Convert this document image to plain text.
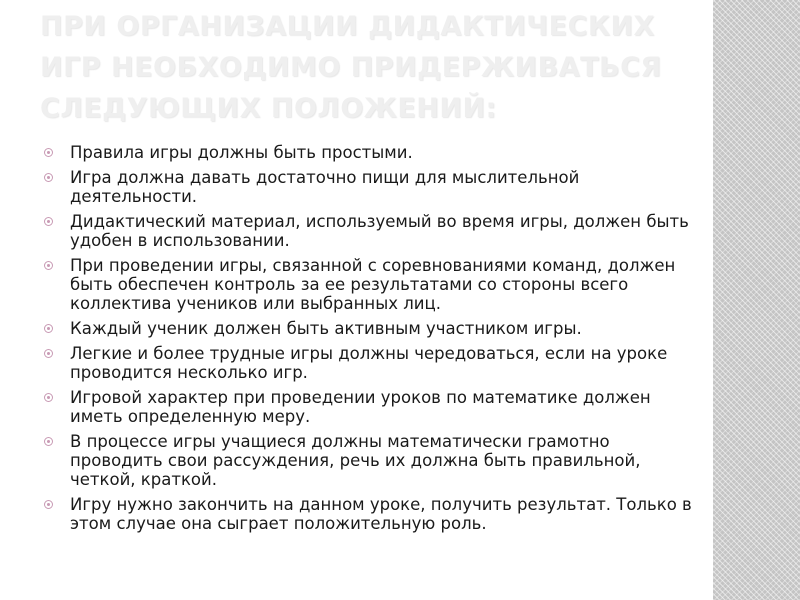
ПРИ ОРГАНИЗАЦИИ ДИДАКТИЧЕСКИХ ИГР НЕОБХОДИМО ПРИДЕРЖИВАТЬСЯ СЛЕДУЮЩИХ ПОЛОЖЕНИЙ:
Правила игры должны быть простыми.
Игра должна давать достаточно пищи для мыслительной деятельности.
Дидактический материал, используемый во время игры, должен быть удобен в использовании.
При проведении игры, связанной с соревнованиями команд, должен быть обеспечен контроль за ее результатами со стороны всего коллектива учеников или выбранных лиц.
Каждый ученик должен быть активным участником игры.
Легкие и более трудные игры должны чередоваться, если на уроке проводится несколько игр.
Игровой характер при проведении уроков по математике должен иметь определенную меру.
В процессе игры учащиеся должны математически грамотно проводить свои рассуждения, речь их должна быть правильной, четкой, краткой.
Игру нужно закончить на данном уроке, получить результат. Только в этом случае она сыграет положительную роль.
